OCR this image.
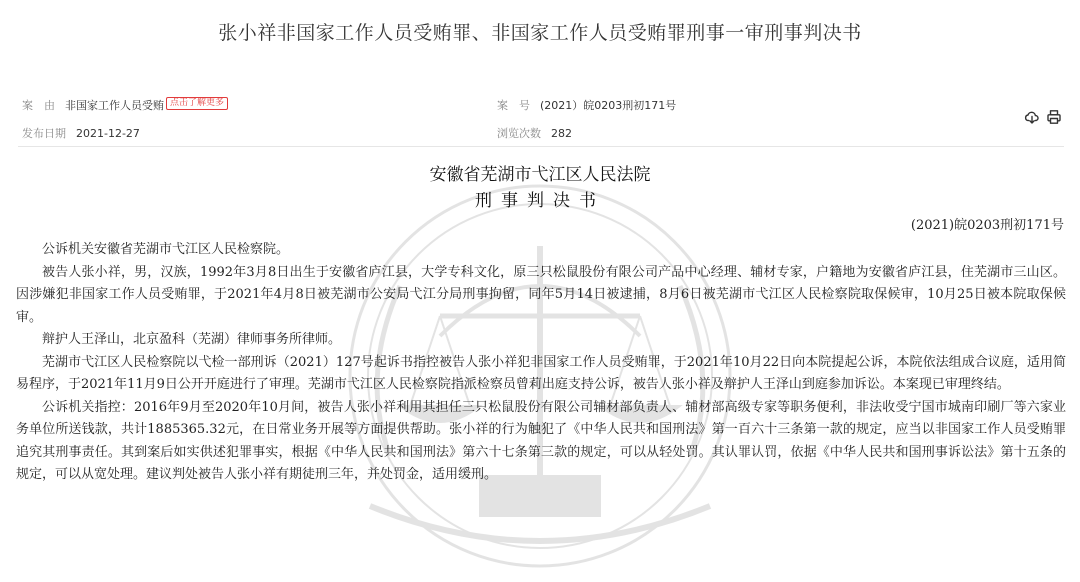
张小祥非国家工作人员受贿罪、非国家工作人员受贿罪刑事一审刑事判决书
案　由 非国家工作人员受贿 点击了解更多	案　号 (2021）皖0203刑初171号
发布日期 2021-12-27	浏览次数 282
安徽省芜湖市弋江区人民法院
刑事判决书
(2021)皖0203刑初171号

公诉机关安徽省芜湖市弋江区人民检察院。

被告人张小祥，男，汉族，1992年3月8日出生于安徽省庐江县，大学专科文化，原三只松鼠股份有限公司产品中心经理、辅材专家，户籍地为安徽省庐江县，住芜湖市三山区。因涉嫌犯非国家工作人员受贿罪，于2021年4月8日被芜湖市公安局弋江分局刑事拘留，同年5月14日被逮捕，8月6日被芜湖市弋江区人民检察院取保候审，10月25日被本院取保候审。

辩护人王泽山，北京盈科（芜湖）律师事务所律师。

芜湖市弋江区人民检察院以弋检一部刑诉（2021）127号起诉书指控被告人张小祥犯非国家工作人员受贿罪，于2021年10月22日向本院提起公诉，本院依法组成合议庭，适用简易程序，于2021年11月9日公开开庭进行了审理。芜湖市弋江区人民检察院指派检察员曾莉出庭支持公诉，被告人张小祥及辩护人王泽山到庭参加诉讼。本案现已审理终结。

公诉机关指控：2016年9月至2020年10月间，被告人张小祥利用其担任三只松鼠股份有限公司辅材部负责人、辅材部高级专家等职务便利，非法收受宁国市城南印刷厂等六家业务单位所送钱款，共计1885365.32元，在日常业务开展等方面提供帮助。张小祥的行为触犯了《中华人民共和国刑法》第一百六十三条第一款的规定，应当以非国家工作人员受贿罪追究其刑事责任。其到案后如实供述犯罪事实，根据《中华人民共和国刑法》第六十七条第三款的规定，可以从轻处罚。其认罪认罚，依据《中华人民共和国刑事诉讼法》第十五条的规定，可以从宽处理。建议判处被告人张小祥有期徒刑三年，并处罚金，适用缓刑。
